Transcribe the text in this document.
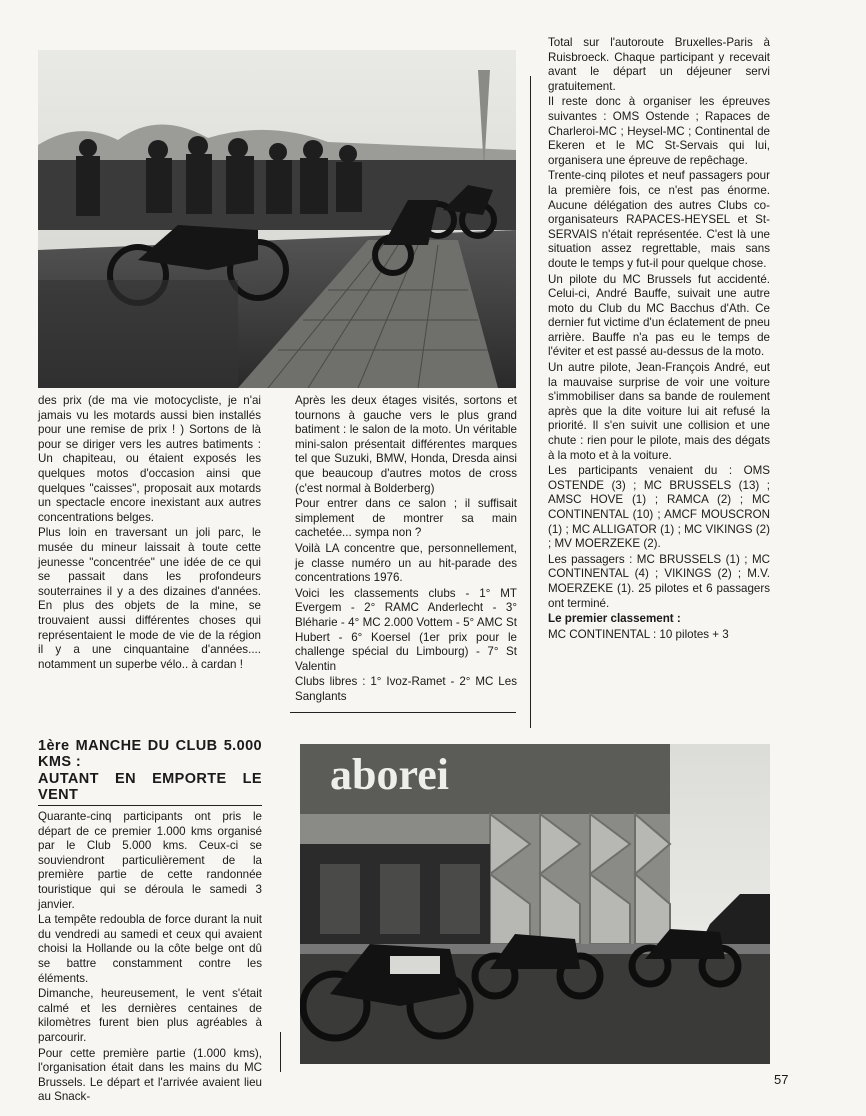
des prix (de ma vie motocycliste, je n'ai jamais vu les motards aussi bien installés pour une remise de prix ! ) Sortons de là pour se diriger vers les autres batiments : Un chapiteau, ou étaient exposés les quelques motos d'occasion ainsi que quelques "caisses", proposait aux motards un spectacle encore inexistant aux autres concentrations belges.

Plus loin en traversant un joli parc, le musée du mineur laissait à toute cette jeunesse "concentrée" une idée de ce qui se passait dans les profondeurs souterraines il y a des dizaines d'années. En plus des objets de la mine, se trouvaient aussi différentes choses qui représentaient le mode de vie de la région il y a une cinquantaine d'années.... notamment un superbe vélo.. à cardan !

Après les deux étages visités, sortons et tournons à gauche vers le plus grand batiment : le salon de la moto. Un véritable mini-salon présentait différentes marques tel que Suzuki, BMW, Honda, Dresda ainsi que beaucoup d'autres motos de cross (c'est normal à Bolderberg)

Pour entrer dans ce salon ; il suffisait simplement de montrer sa main cachetée... sympa non ?

Voilà LA concentre que, personnellement, je classe numéro un au hit-parade des concentrations 1976.

Voici les classements clubs - 1° MT Evergem - 2° RAMC Anderlecht - 3° Bléharie - 4° MC 2.000 Vottem - 5° AMC St Hubert - 6° Koersel (1er prix pour le challenge spécial du Limbourg) - 7° St Valentin

Clubs libres : 1° Ivoz-Ramet - 2° MC Les Sanglants

Total sur l'autoroute Bruxelles-Paris à Ruisbroeck. Chaque participant y recevait avant le départ un déjeuner servi gratuitement.

Il reste donc à organiser les épreuves suivantes : OMS Ostende ; Rapaces de Charleroi-MC ; Heysel-MC ; Continental de Ekeren et le MC St-Servais qui lui, organisera une épreuve de repêchage.

Trente-cinq pilotes et neuf passagers pour la première fois, ce n'est pas énorme. Aucune délégation des autres Clubs co-organisateurs RAPACES-HEYSEL et St-SERVAIS n'était représentée. C'est là une situation assez regrettable, mais sans doute le temps y fut-il pour quelque chose.

Un pilote du MC Brussels fut accidenté. Celui-ci, André Bauffe, suivait une autre moto du Club du MC Bacchus d'Ath. Ce dernier fut victime d'un éclatement de pneu arrière. Bauffe n'a pas eu le temps de l'éviter et est passé au-dessus de la moto.

Un autre pilote, Jean-François André, eut la mauvaise surprise de voir une voiture s'immobiliser dans sa bande de roulement après que la dite voiture lui ait refusé la priorité. Il s'en suivit une collision et une chute : rien pour le pilote, mais des dégats à la moto et à la voiture.

Les participants venaient du : OMS OSTENDE (3) ; MC BRUSSELS (13) ; AMSC HOVE (1) ; RAMCA (2) ; MC CONTINENTAL (10) ; AMCF MOUSCRON (1) ; MC ALLIGATOR (1) ; MC VIKINGS (2) ; MV MOERZEKE (2).

Les passagers : MC BRUSSELS (1) ; MC CONTINENTAL (4) ; VIKINGS (2) ; M.V. MOERZEKE (1). 25 pilotes et 6 passagers ont terminé.

Le premier classement :

MC CONTINENTAL : 10 pilotes + 3

1ère MANCHE DU CLUB 5.000 KMS :

AUTANT EN EMPORTE LE VENT

Quarante-cinq participants ont pris le départ de ce premier 1.000 kms organisé par le Club 5.000 kms. Ceux-ci se souviendront particulièrement de la première partie de cette randonnée touristique qui se déroula le samedi 3 janvier.

La tempête redoubla de force durant la nuit du vendredi au samedi et ceux qui avaient choisi la Hollande ou la côte belge ont dû se battre constamment contre les éléments.

Dimanche, heureusement, le vent s'était calmé et les dernières centaines de kilomètres furent bien plus agréables à parcourir.

Pour cette première partie (1.000 kms), l'organisation était dans les mains du MC Brussels. Le départ et l'arrivée avaient lieu au Snack-

aborei
57
